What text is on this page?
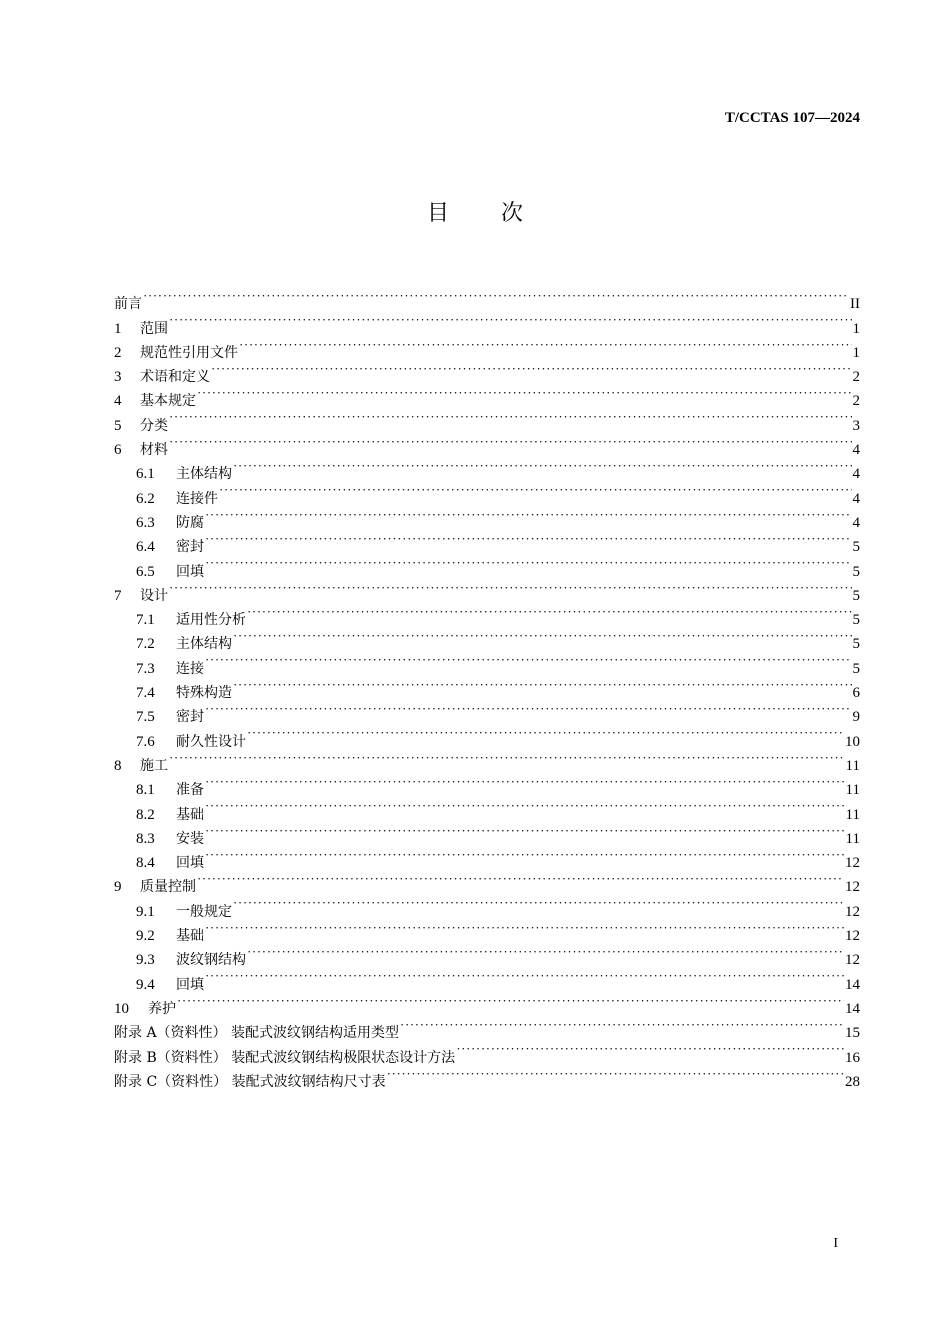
T/CCTAS 107—2024
目次
前言 ·····	II
1	范围 ·····	1
2	规范性引用文件 ·····	1
3	术语和定义 ·····	2
4	基本规定 ·····	2
5	分类 ·····	3
6	材料 ·····	4
6.1	主体结构 ·····	4
6.2	连接件 ·····	4
6.3	防腐 ·····	4
6.4	密封 ·····	5
6.5	回填 ·····	5
7	设计 ·····	5
7.1	适用性分析 ·····	5
7.2	主体结构 ·····	5
7.3	连接 ·····	5
7.4	特殊构造 ·····	6
7.5	密封 ·····	9
7.6	耐久性设计 ·····	10
8	施工 ·····	11
8.1	准备 ·····	11
8.2	基础 ·····	11
8.3	安装 ·····	11
8.4	回填 ·····	12
9	质量控制 ·····	12
9.1	一般规定 ·····	12
9.2	基础 ·····	12
9.3	波纹钢结构 ·····	12
9.4	回填 ·····	14
10	养护 ·····	14
附录 A（资料性） 装配式波纹钢结构适用类型 ·····	15
附录 B（资料性） 装配式波纹钢结构极限状态设计方法 ·····	16
附录 C（资料性） 装配式波纹钢结构尺寸表 ·····	28
I
